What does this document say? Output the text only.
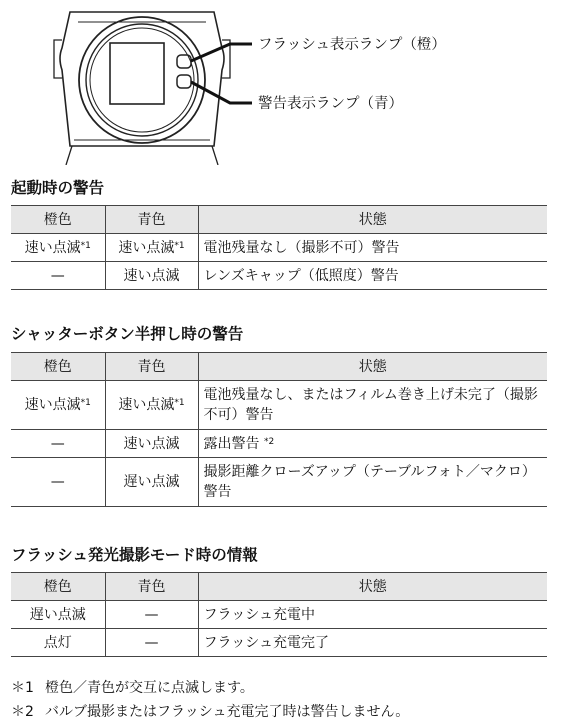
フラッシュ表示ランプ（橙）
警告表示ランプ（青）
起動時の警告
橙色	青色	状態
速い点滅$^{*1}$	速い点滅$^{*1}$	電池残量なし（撮影不可）警告
—	速い点滅	レンズキャップ（低照度）警告
シャッターボタン半押し時の警告
橙色	青色	状態
速い点滅$^{*1}$	速い点滅$^{*1}$	電池残量なし、またはフィルム巻き上げ未完了（撮影不可）警告
—	速い点滅	露出警告 $^{*2}$
—	遅い点滅	撮影距離クローズアップ（テーブルフォト／マクロ）警告
フラッシュ発光撮影モード時の情報
橙色	青色	状態
遅い点滅	—	フラッシュ充電中
点灯	—	フラッシュ充電完了
＊1 橙色／青色が交互に点滅します。
＊2 バルブ撮影またはフラッシュ充電完了時は警告しません。
